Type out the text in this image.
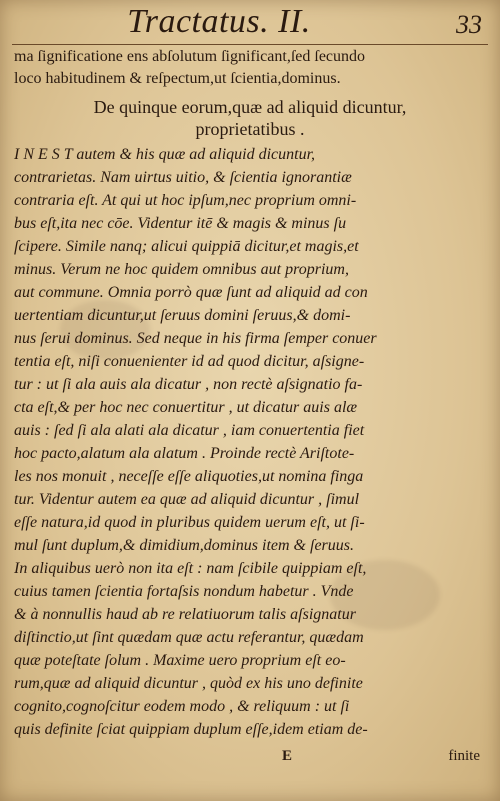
Tractatus. II.	33
ma ſignificatione ens abſolutum ſignificant,ſed ſecundo
loco habitudinem & reſpectum,ut ſcientia,dominus.
De quinque eorum,quæ ad aliquid dicuntur,
proprietatibus .
I N E S T autem & his quæ ad aliquid dicuntur,
contrarietas. Nam uirtus uitio, & ſcientia ignorantiæ
contraria eſt. At qui ut hoc ipſum,nec proprium omni-
bus eſt,ita nec cōe. Videntur itē & magis & minus ſu
ſcipere. Simile nanq; alicui quippiā dicitur,et magis,et
minus. Verum ne hoc quidem omnibus aut proprium,
aut commune. Omnia porrò quæ ſunt ad aliquid ad con
uertentiam dicuntur,ut ſeruus domini ſeruus,& domi-
nus ſerui dominus. Sed neque in his firma ſemper conuer
tentia eſt, niſi conuenienter id ad quod dicitur, aſsigne-
tur : ut ſi ala auis ala dicatur , non rectè aſsignatio fa-
cta eſt,& per hoc nec conuertitur , ut dicatur auis alæ
auis : ſed ſi ala alati ala dicatur , iam conuertentia fiet
hoc pacto,alatum ala alatum . Proinde rectè Ariſtote-
les nos monuit , neceſſe eſſe aliquoties,ut nomina finga
tur. Videntur autem ea quæ ad aliquid dicuntur , ſimul
eſſe natura,id quod in pluribus quidem uerum eſt, ut ſi-
mul ſunt duplum,& dimidium,dominus item & ſeruus.
In aliquibus uerò non ita eſt : nam ſcibile quippiam eſt,
cuius tamen ſcientia fortaſsis nondum habetur . Vnde
& à nonnullis haud ab re relatiuorum talis aſsignatur
diſtinctio,ut ſint quædam quæ actu referantur, quædam
quæ poteſtate ſolum . Maxime uero proprium eſt eo-
rum,quæ ad aliquid dicuntur , quòd ex his uno definite
cognito,cognoſcitur eodem modo , & reliquum : ut ſi
quis definite ſciat quippiam duplum eſſe,idem etiam de-
E	finite
